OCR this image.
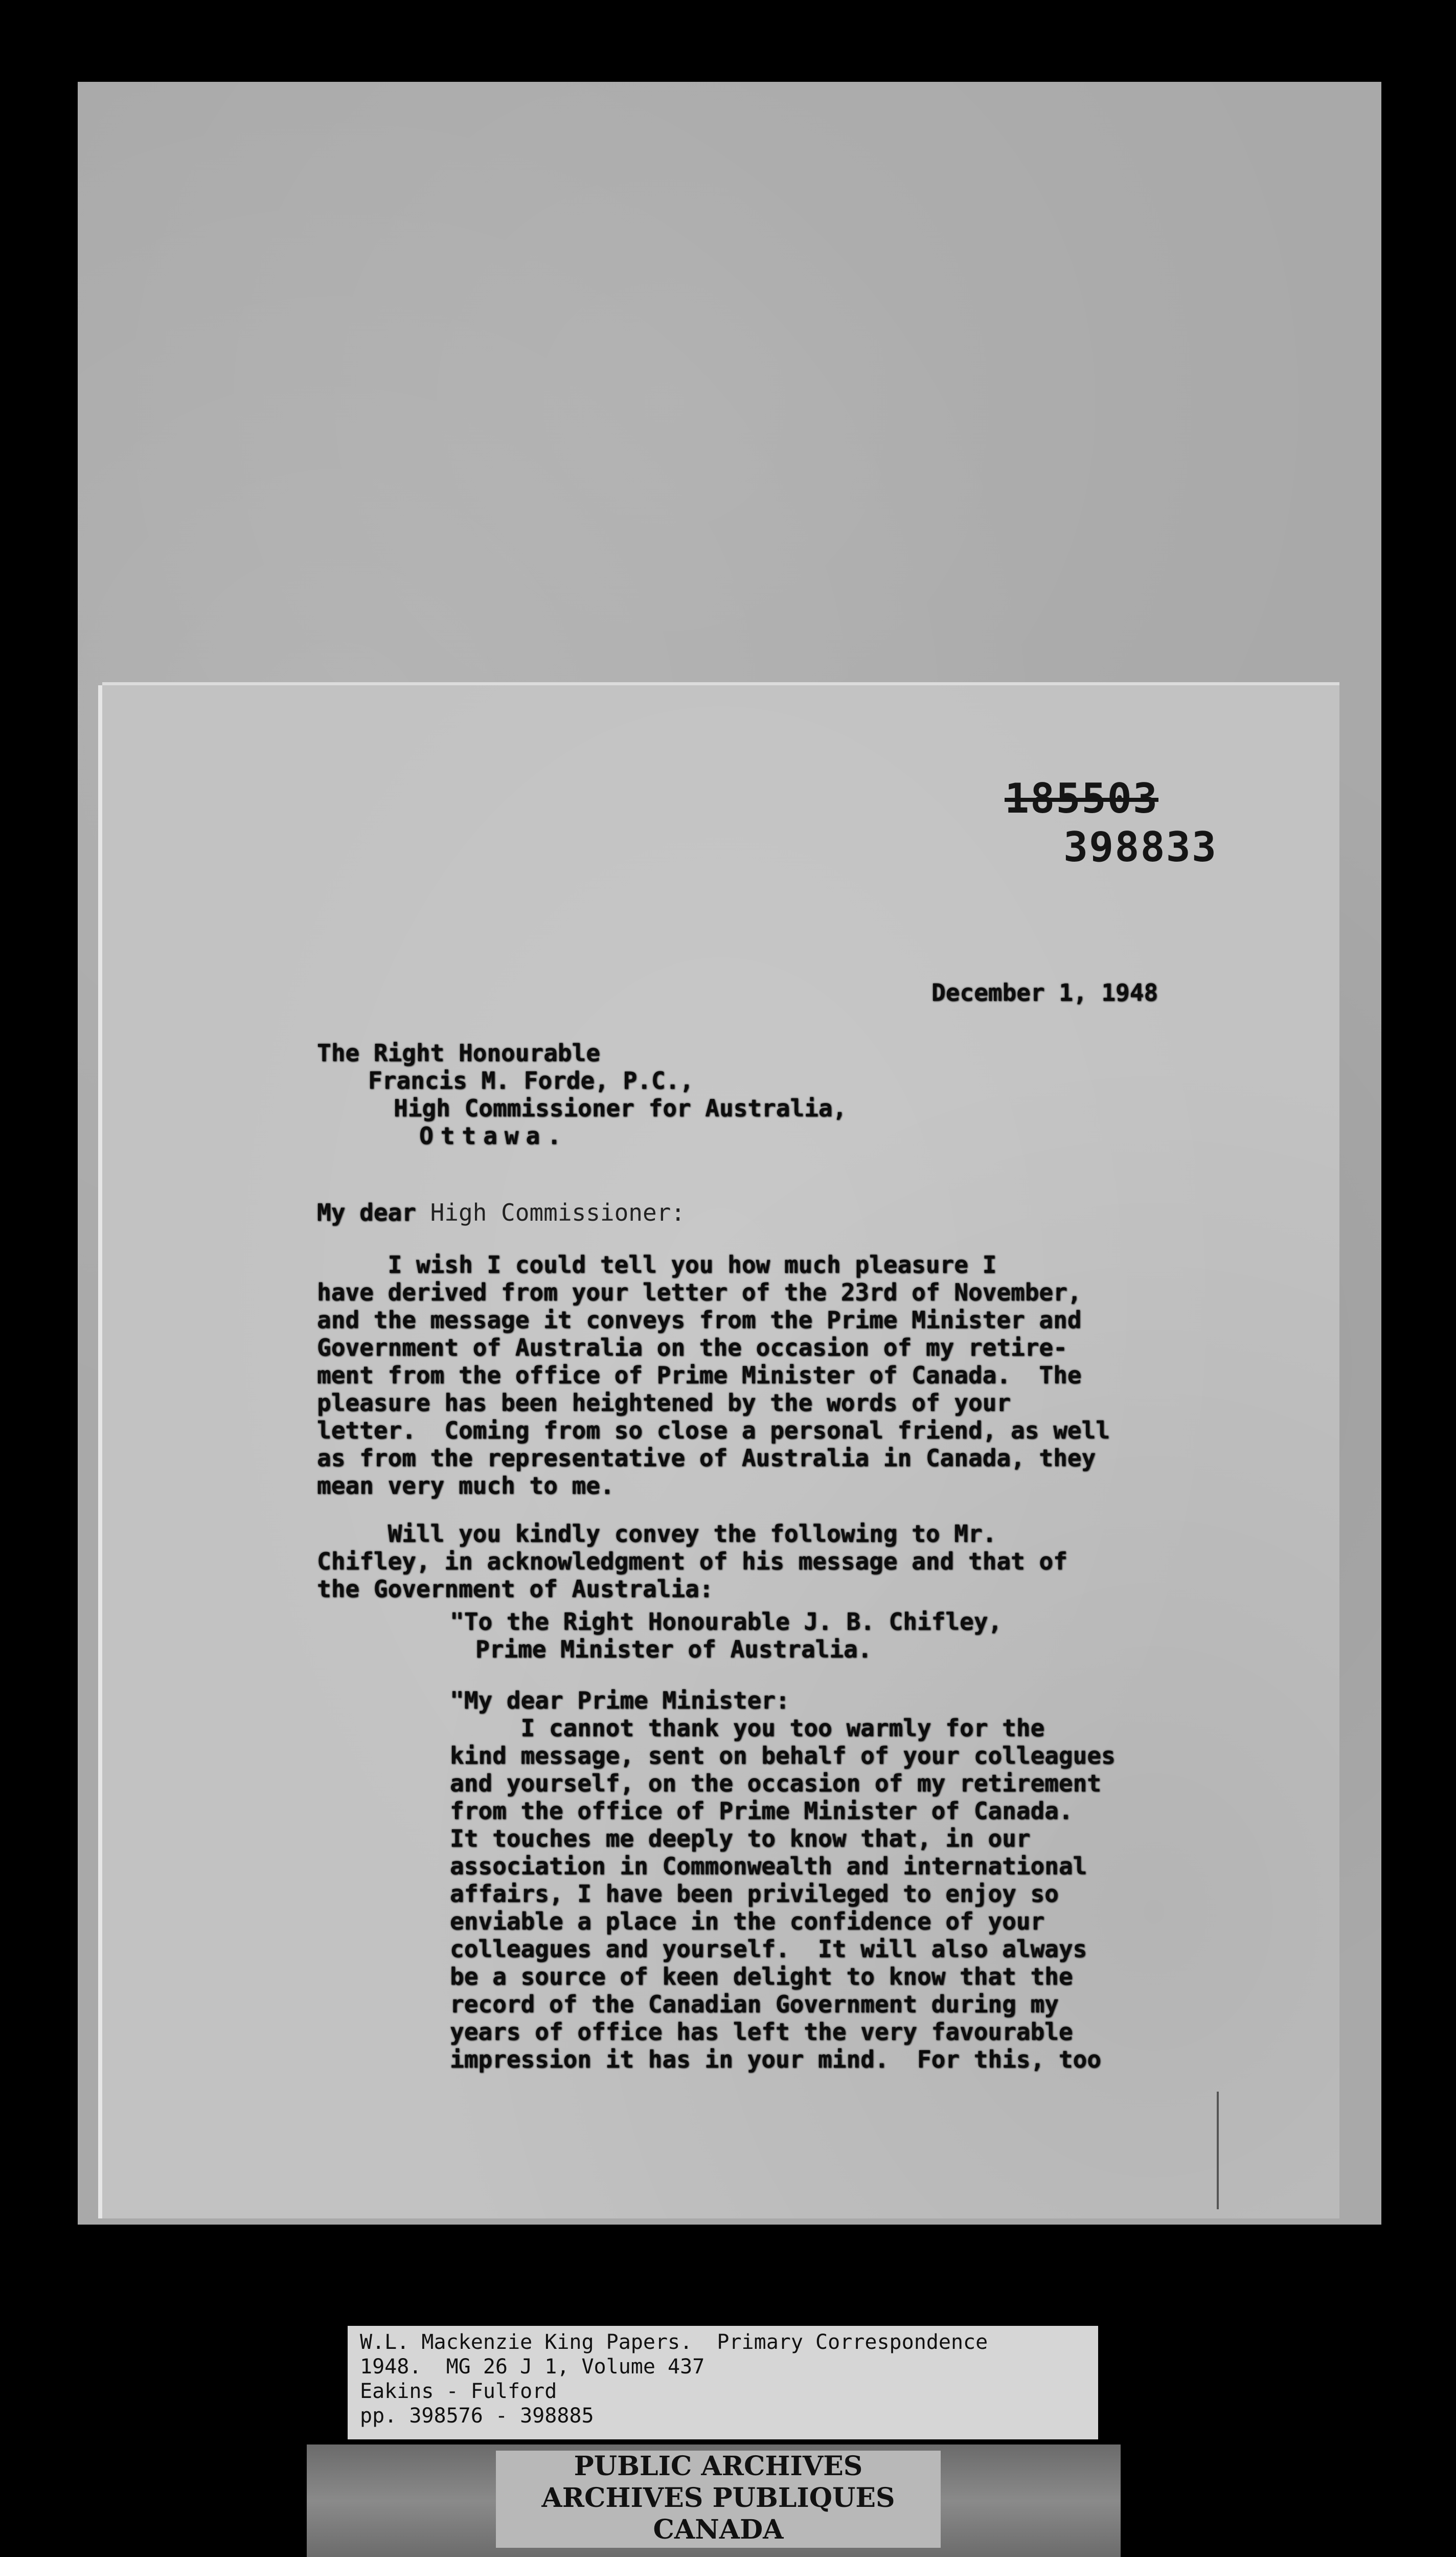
185503
398833
December 1, 1948
The Right Honourable
Francis M. Forde, P.C.,
High Commissioner for Australia,
Ottawa.
My dear High Commissioner:
I wish I could tell you how much pleasure I
have derived from your letter of the 23rd of November,
and the message it conveys from the Prime Minister and
Government of Australia on the occasion of my retire-
ment from the office of Prime Minister of Canada.  The
pleasure has been heightened by the words of your
letter.  Coming from so close a personal friend, as well
as from the representative of Australia in Canada, they
mean very much to me.
Will you kindly convey the following to Mr.
Chifley, in acknowledgment of his message and that of
the Government of Australia:
"To the Right Honourable J. B. Chifley,
Prime Minister of Australia.
"My dear Prime Minister:
I cannot thank you too warmly for the
kind message, sent on behalf of your colleagues
and yourself, on the occasion of my retirement
from the office of Prime Minister of Canada.
It touches me deeply to know that, in our
association in Commonwealth and international
affairs, I have been privileged to enjoy so
enviable a place in the confidence of your
colleagues and yourself.  It will also always
be a source of keen delight to know that the
record of the Canadian Government during my
years of office has left the very favourable
impression it has in your mind.  For this, too
W.L. Mackenzie King Papers.  Primary Correspondence
1948.  MG 26 J 1, Volume 437
Eakins - Fulford
pp. 398576 - 398885
PUBLIC ARCHIVES
ARCHIVES PUBLIQUES
CANADA
